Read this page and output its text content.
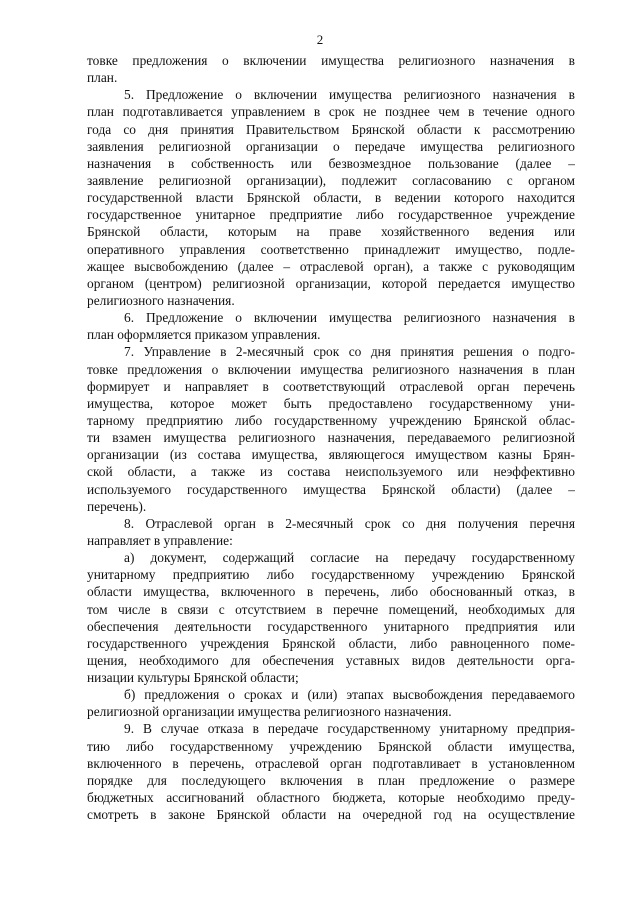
2
товке предложения о включении имущества религиозного назначения в
план.
5. Предложение о включении имущества религиозного назначения в
план подготавливается управлением в срок не позднее чем в течение одного
года со дня принятия Правительством Брянской области к рассмотрению
заявления религиозной организации о передаче имущества религиозного
назначения в собственность или безвозмездное пользование (далее –
заявление религиозной организации), подлежит согласованию с органом
государственной власти Брянской области, в ведении которого находится
государственное унитарное предприятие либо государственное учреждение
Брянской области, которым на праве хозяйственного ведения или
оперативного управления соответственно принадлежит имущество, подле-
жащее высвобождению (далее – отраслевой орган), а также с руководящим
органом (центром) религиозной организации, которой передается имущество
религиозного назначения.
6. Предложение о включении имущества религиозного назначения в
план оформляется приказом управления.
7. Управление в 2-месячный срок со дня принятия решения о подго-
товке предложения о включении имущества религиозного назначения в план
формирует и направляет в соответствующий отраслевой орган перечень
имущества, которое может быть предоставлено государственному уни-
тарному предприятию либо государственному учреждению Брянской облас-
ти взамен имущества религиозного назначения, передаваемого религиозной
организации (из состава имущества, являющегося имуществом казны Брян-
ской области, а также из состава неиспользуемого или неэффективно
используемого государственного имущества Брянской области) (далее –
перечень).
8. Отраслевой орган в 2-месячный срок со дня получения перечня
направляет в управление:
а) документ, содержащий согласие на передачу государственному
унитарному предприятию либо государственному учреждению Брянской
области имущества, включенного в перечень, либо обоснованный отказ, в
том числе в связи с отсутствием в перечне помещений, необходимых для
обеспечения деятельности государственного унитарного предприятия или
государственного учреждения Брянской области, либо равноценного поме-
щения, необходимого для обеспечения уставных видов деятельности орга-
низации культуры Брянской области;
б) предложения о сроках и (или) этапах высвобождения передаваемого
религиозной организации имущества религиозного назначения.
9. В случае отказа в передаче государственному унитарному предприя-
тию либо государственному учреждению Брянской области имущества,
включенного в перечень, отраслевой орган подготавливает в установленном
порядке для последующего включения в план предложение о размере
бюджетных ассигнований областного бюджета, которые необходимо преду-
смотреть в законе Брянской области на очередной год на осуществление
